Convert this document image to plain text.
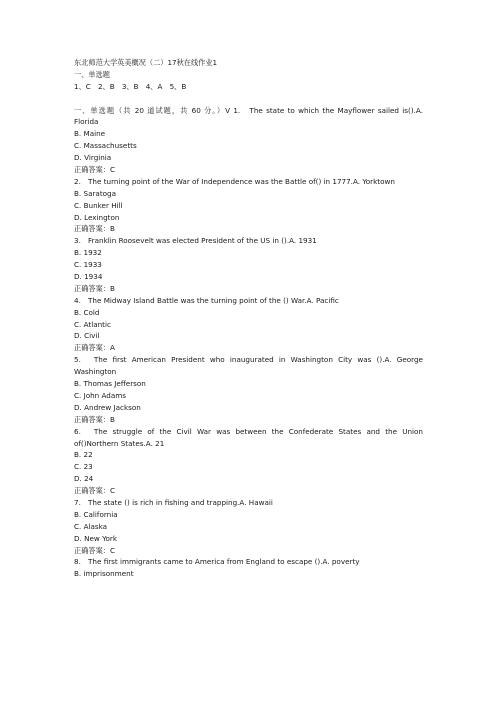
东北师范大学英美概况（二）17秋在线作业1
一、单选题
1、C　2、B　3、B　4、A　5、B
一、单选题（共 20 道试题，共 60 分。）V 1.　The state to which the Mayflower sailed is().A.
Florida
B. Maine
C. Massachusetts
D. Virginia
正确答案：C
2.　The turning point of the War of Independence was the Battle of() in 1777.A. Yorktown
B. Saratoga
C. Bunker Hill
D. Lexington
正确答案：B
3.　Franklin Roosevelt was elected President of the US in ().A. 1931
B. 1932
C. 1933
D. 1934
正确答案：B
4.　The Midway Island Battle was the turning point of the () War.A. Pacific
B. Cold
C. Atlantic
D. Civil
正确答案：A
5.　The first American President who inaugurated in Washington City was ().A. George
Washington
B. Thomas Jefferson
C. John Adams
D. Andrew Jackson
正确答案：B
6.　The struggle of the Civil War was between the Confederate States and the Union
of()Northern States.A. 21
B. 22
C. 23
D. 24
正确答案：C
7.　The state () is rich in fishing and trapping.A. Hawaii
B. California
C. Alaska
D. New York
正确答案：C
8.　The first immigrants came to America from England to escape ().A. poverty
B. imprisonment
